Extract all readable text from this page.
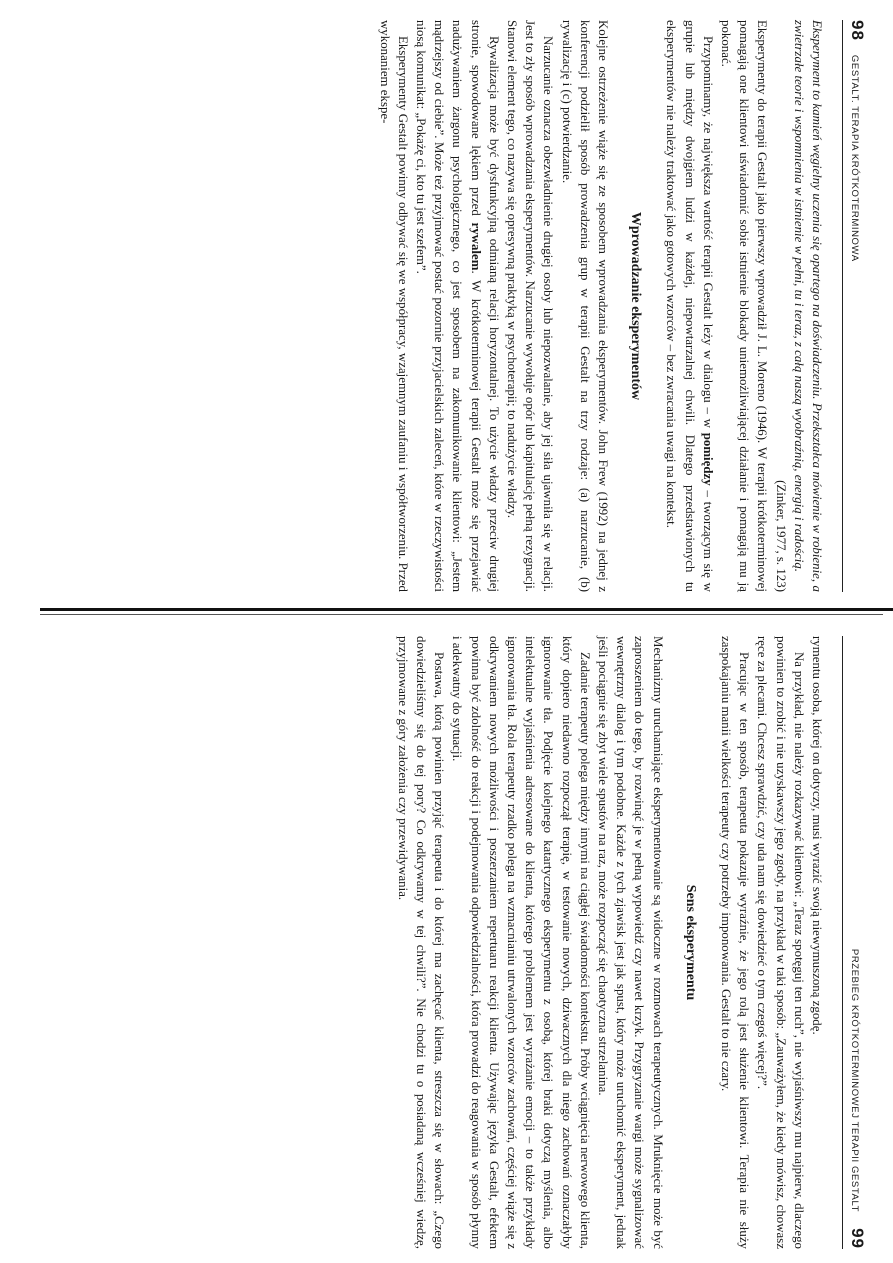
98
GESTALT. TERAPIA KRÓTKOTERMINOWA

Eksperyment to kamień węgielny uczenia się opartego na doświadczeniu. Przekształca mówienie w robienie, a zwietrzałe teorie i wspomnienia w istnienie w pełni, tu i teraz, z całą naszą wyobraźnią, energią i radością.

(Zinker, 1977, s. 123)

Eksperymenty do terapii Gestalt jako pierwszy wprowadził J. L. Moreno (1946). W terapii krótkoterminowej pomagają one klientowi uświadomić sobie istnienie blokady uniemożliwiającej działanie i pomagają mu ją pokonać.

Przypominamy, że największa wartość terapii Gestalt leży w dialogu – w pomiędzy – tworzącym się w grupie lub między dwojgiem ludzi w każdej, niepowtarzalnej chwili. Dlatego przedstawionych tu eksperymentów nie należy traktować jako gotowych wzorców – bez zwracania uwagi na kontekst.

Wprowadzanie eksperymentów

Kolejne ostrzeżenie wiąże się ze sposobem wprowadzania eksperymentów. John Frew (1992) na jednej z konferencji podzielił sposób prowadzenia grup w terapii Gestalt na trzy rodzaje: (a) narzucanie, (b) rywalizację i (c) potwierdzanie.

Narzucanie oznacza obezwładnienie drugiej osoby lub niepozwalanie, aby jej siła ujawniła się w relacji. Jest to zły sposób wprowadzania eksperymentów. Narzucanie wywołuje opór lub kapitulację pełną rezygnacji. Stanowi element tego, co nazywa się opresywną praktyką w psychoterapii; to nadużycie władzy.

Rywalizacja może być dysfunkcyjną odmianą relacji horyzontalnej. To użycie władzy przeciw drugiej stronie, spowodowane lękiem przed rywalem. W krótkoterminowej terapii Gestalt może się przejawiać nadużywaniem żargonu psychologicznego, co jest sposobem na zakomunikowanie klientowi: „Jestem mądrzejszy od ciebie”. Może też przyjmować postać pozornie przyjacielskich zaleceń, które w rzeczywistości niosą komunikat: „Pokażę ci, kto tu jest szefem”.

Eksperymenty Gestalt powinny odbywać się we współpracy, wzajemnym zaufaniu i współtworzeniu. Przed wykonaniem ekspe-

PRZEBIEG KRÓTKOTERMINOWEJ TERAPII GESTALT
99

rymentu osoba, której on dotyczy, musi wyrazić swoją niewymuszoną zgodę.

Na przykład, nie należy rozkazywać klientowi: „Teraz spotęguj ten ruch”, nie wyjaśniwszy mu najpierw, dlaczego powinien to zrobić i nie uzyskawszy jego zgody, na przykład w taki sposób: „Zauważyłem, że kiedy mówisz, chowasz ręce za plecami. Chcesz sprawdzić, czy uda nam się dowiedzieć o tym czegoś więcej?”.

Pracując w ten sposób, terapeuta pokazuje wyraźnie, że jego rolą jest służenie klientowi. Terapia nie służy zaspokajaniu manii wielkości terapeuty czy potrzeby imponowania. Gestalt to nie czary.

Sens eksperymentu

Mechanizmy uruchamiające eksperymentowanie są widoczne w rozmowach terapeutycznych. Mruknięcie może być zaproszeniem do tego, by rozwinąć je w pełną wypowiedź czy nawet krzyk. Przygryzanie wargi może sygnalizować wewnętrzny dialog i tym podobne. Każde z tych zjawisk jest jak spust, który może uruchomić eksperyment, jednak jeśli pociągnie się zbyt wiele spustów na raz, może rozpocząć się chaotyczna strzelanina.

Zadanie terapeuty polega między innymi na ciągłej świadomości kontekstu. Próby wciągnięcia nerwowego klienta, który dopiero niedawno rozpoczął terapię, w testowanie nowych, dziwacznych dla niego zachowań oznaczałyby ignorowanie tła. Podjęcie kolejnego katartycznego eksperymentu z osobą, której braki dotyczą myślenia, albo intelektualne wyjaśnienia adresowane do klienta, którego problemem jest wyrażanie emocji – to także przykłady ignorowania tła. Rola terapeuty rzadko polega na wzmacnianiu utrwalonych wzorców zachowań, częściej wiąże się z odkrywaniem nowych możliwości i poszerzaniem repertuaru reakcji klienta. Używając języka Gestalt, efektem powinna być zdolność do reakcji i podejmowania odpowiedzialności, która prowadzi do reagowania w sposób płynny i adekwatny do sytuacji.

Postawa, którą powinien przyjąć terapeuta i do której ma zachęcać klienta, streszcza się w słowach: „Czego dowiedzieliśmy się do tej pory? Co odkrywamy w tej chwili?”. Nie chodzi tu o posiadaną wcześniej wiedzę, przyjmowane z góry założenia czy przewidywania.
